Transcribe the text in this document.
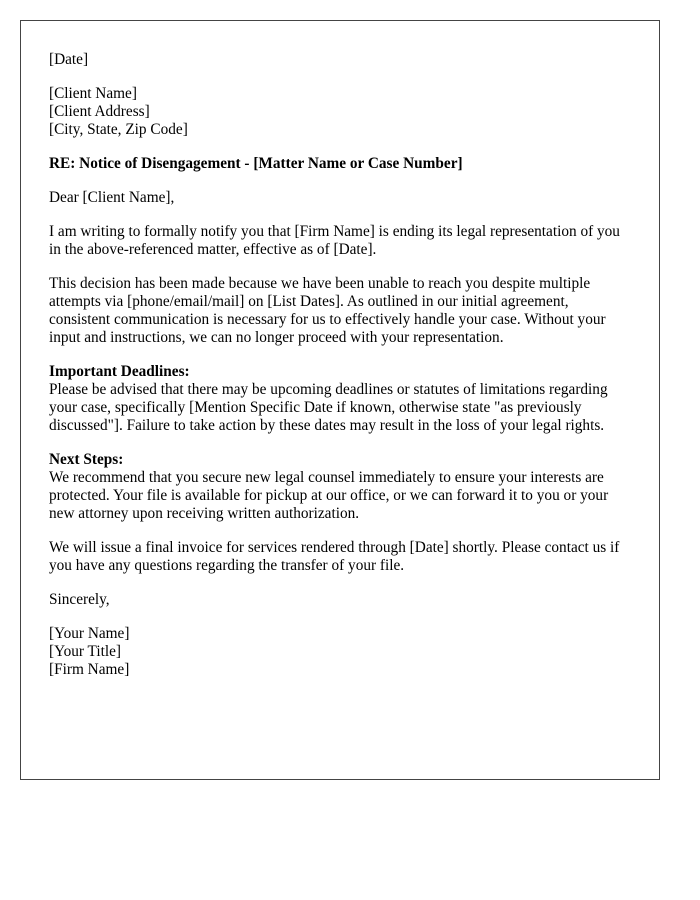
[Date]

[Client Name]
[Client Address]
[City, State, Zip Code]

RE: Notice of Disengagement - [Matter Name or Case Number]

Dear [Client Name],

I am writing to formally notify you that [Firm Name] is ending its legal representation of you in the above-referenced matter, effective as of [Date].

This decision has been made because we have been unable to reach you despite multiple attempts via [phone/email/mail] on [List Dates]. As outlined in our initial agreement, consistent communication is necessary for us to effectively handle your case. Without your input and instructions, we can no longer proceed with your representation.

Important Deadlines:
Please be advised that there may be upcoming deadlines or statutes of limitations regarding your case, specifically [Mention Specific Date if known, otherwise state "as previously discussed"]. Failure to take action by these dates may result in the loss of your legal rights.

Next Steps:
We recommend that you secure new legal counsel immediately to ensure your interests are protected. Your file is available for pickup at our office, or we can forward it to you or your new attorney upon receiving written authorization.

We will issue a final invoice for services rendered through [Date] shortly. Please contact us if you have any questions regarding the transfer of your file.

Sincerely,

[Your Name]
[Your Title]
[Firm Name]
